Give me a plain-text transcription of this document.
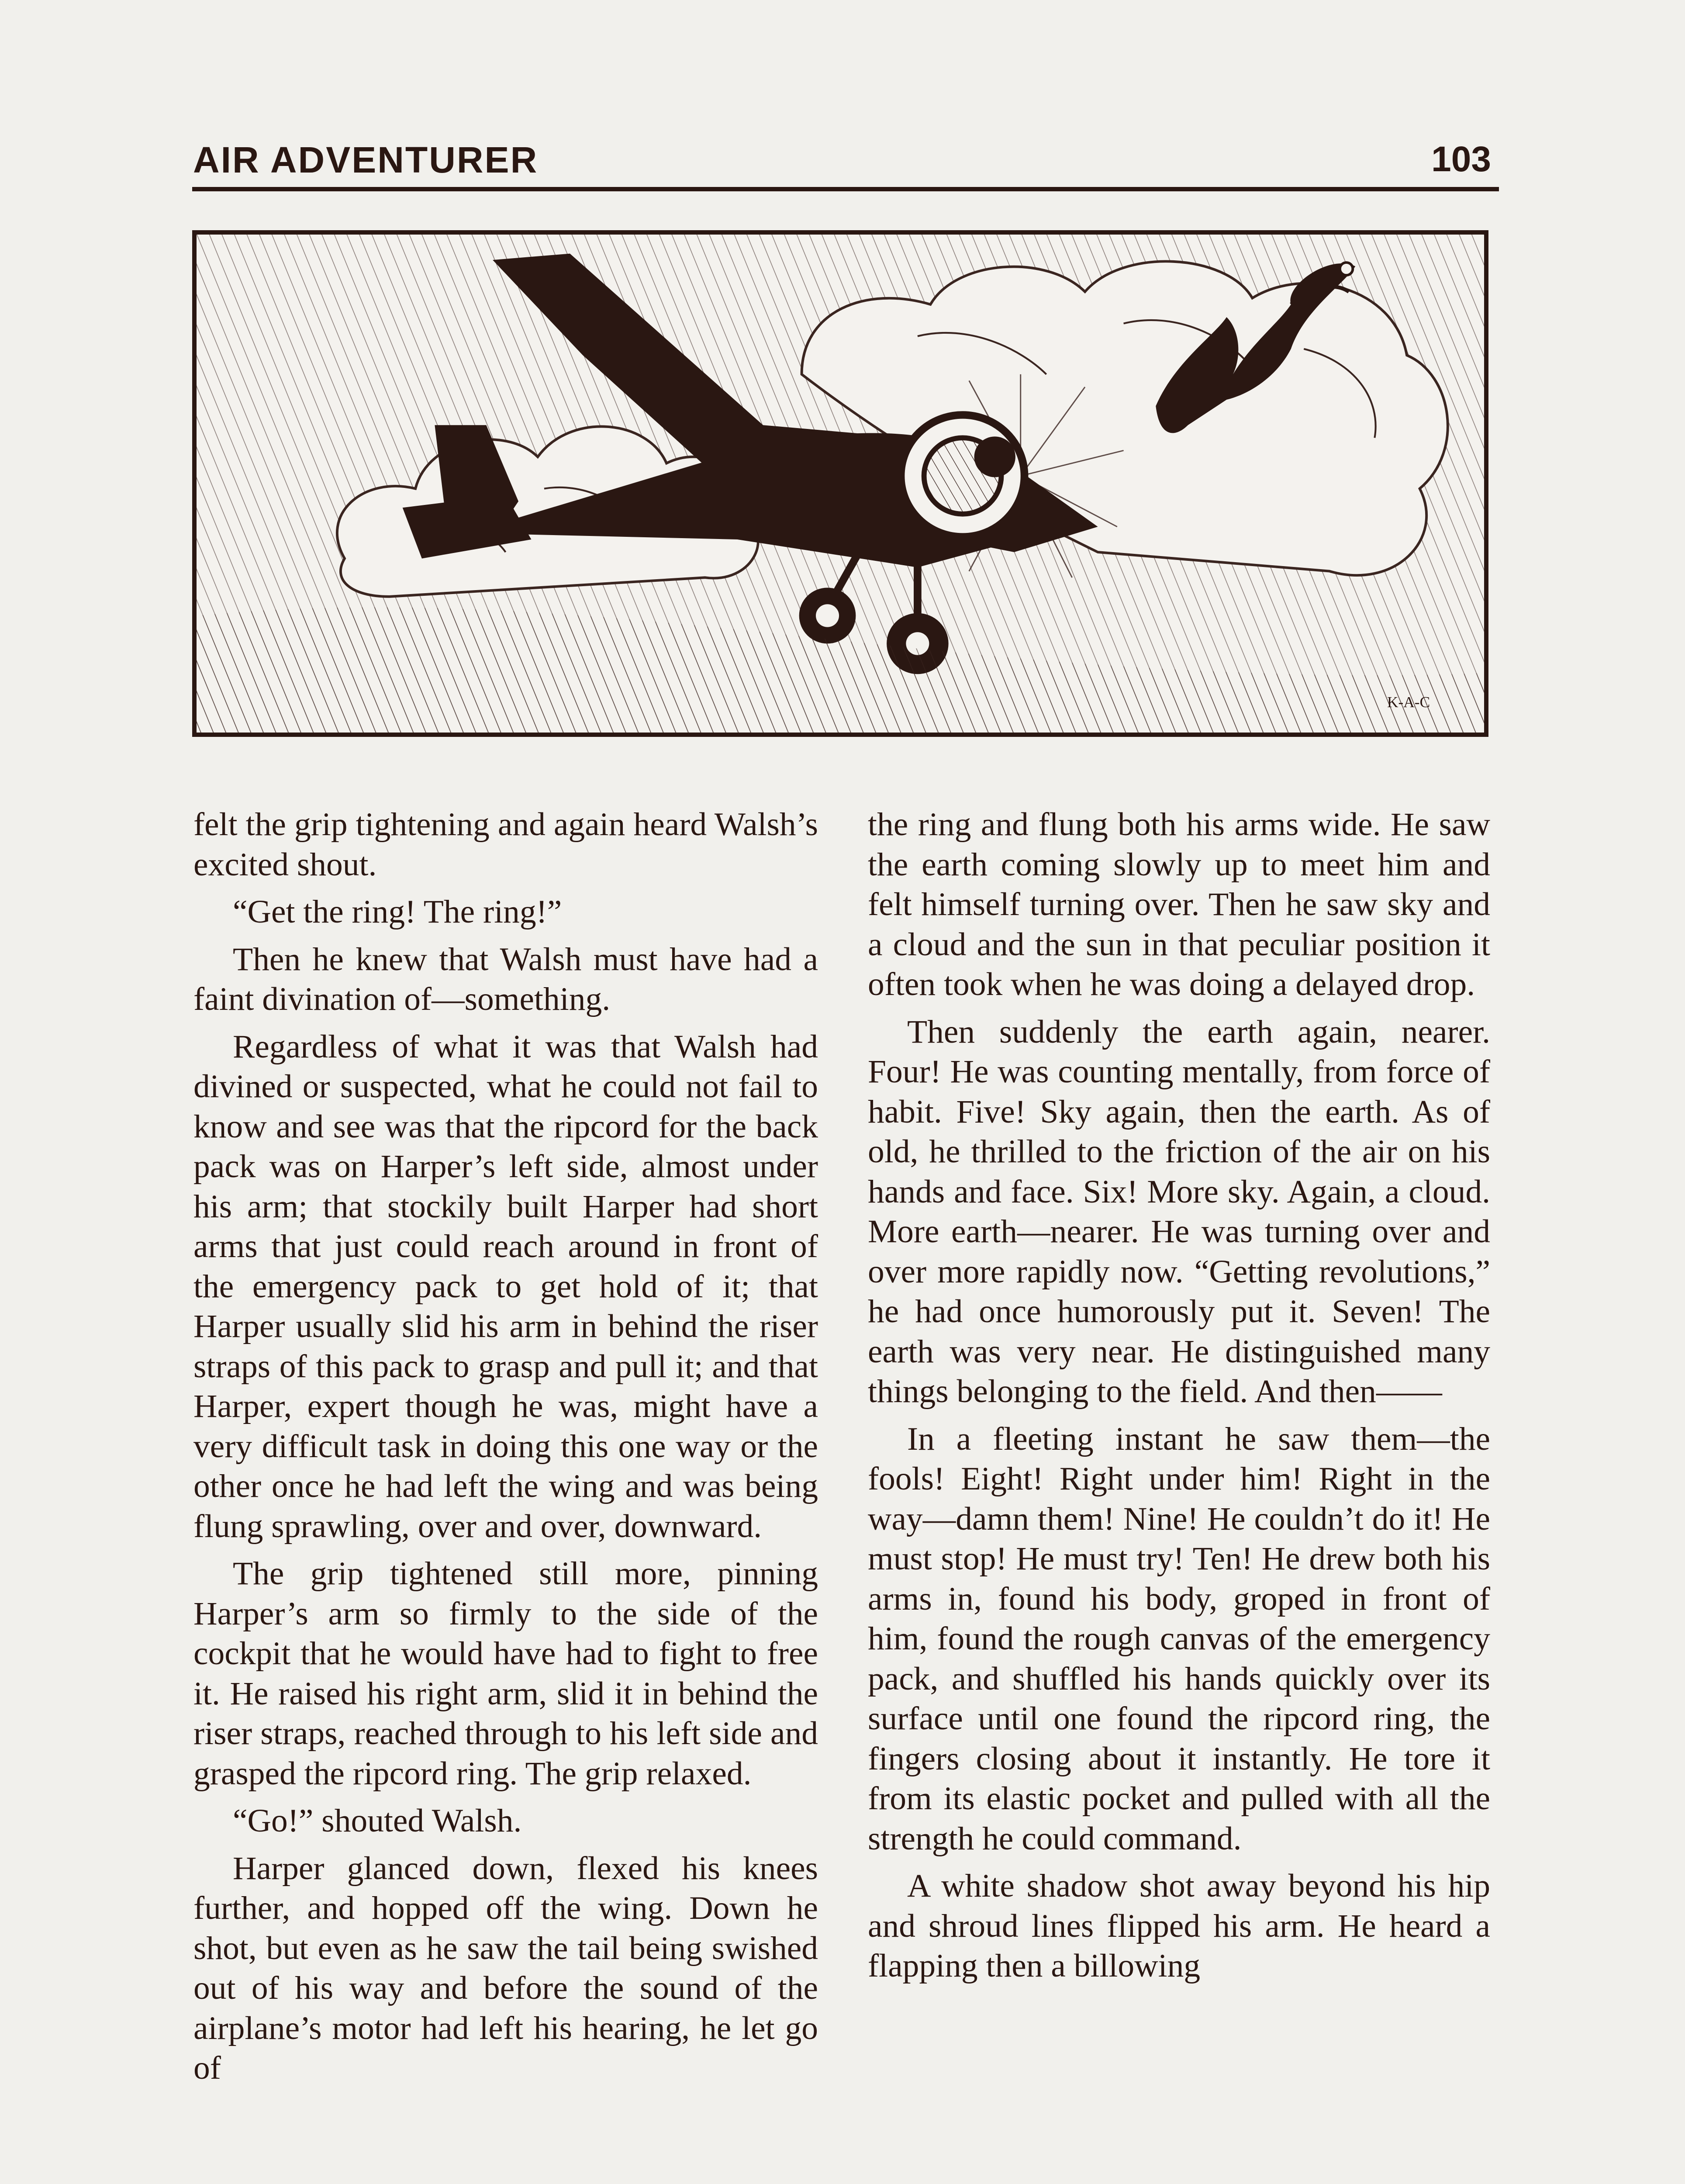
AIR ADVENTURER	103
K-A-C

felt the grip tightening and again heard Walsh’s excited shout.

“Get the ring! The ring!”

Then he knew that Walsh must have had a faint divination of—something.

Regardless of what it was that Walsh had divined or suspected, what he could not fail to know and see was that the ripcord for the back pack was on Harper’s left side, almost under his arm; that stockily built Harper had short arms that just could reach around in front of the emergency pack to get hold of it; that Harper usually slid his arm in behind the riser straps of this pack to grasp and pull it; and that Harper, expert though he was, might have a very difficult task in doing this one way or the other once he had left the wing and was being flung sprawling, over and over, downward.

The grip tightened still more, pinning Harper’s arm so firmly to the side of the cockpit that he would have had to fight to free it. He raised his right arm, slid it in behind the riser straps, reached through to his left side and grasped the ripcord ring. The grip relaxed.

“Go!” shouted Walsh.

Harper glanced down, flexed his knees further, and hopped off the wing. Down he shot, but even as he saw the tail being swished out of his way and before the sound of the airplane’s motor had left his hearing, he let go of

the ring and flung both his arms wide. He saw the earth coming slowly up to meet him and felt himself turning over. Then he saw sky and a cloud and the sun in that peculiar position it often took when he was doing a delayed drop.

Then suddenly the earth again, nearer. Four! He was counting mentally, from force of habit. Five! Sky again, then the earth. As of old, he thrilled to the friction of the air on his hands and face. Six! More sky. Again, a cloud. More earth—nearer. He was turning over and over more rapidly now. “Getting revolutions,” he had once humorously put it. Seven! The earth was very near. He distinguished many things belonging to the field. And then——

In a fleeting instant he saw them—the fools! Eight! Right under him! Right in the way—damn them! Nine! He couldn’t do it! He must stop! He must try! Ten! He drew both his arms in, found his body, groped in front of him, found the rough canvas of the emergency pack, and shuffled his hands quickly over its surface until one found the ripcord ring, the fingers closing about it instantly. He tore it from its elastic pocket and pulled with all the strength he could command.

A white shadow shot away beyond his hip and shroud lines flipped his arm. He heard a flapping then a billowing
